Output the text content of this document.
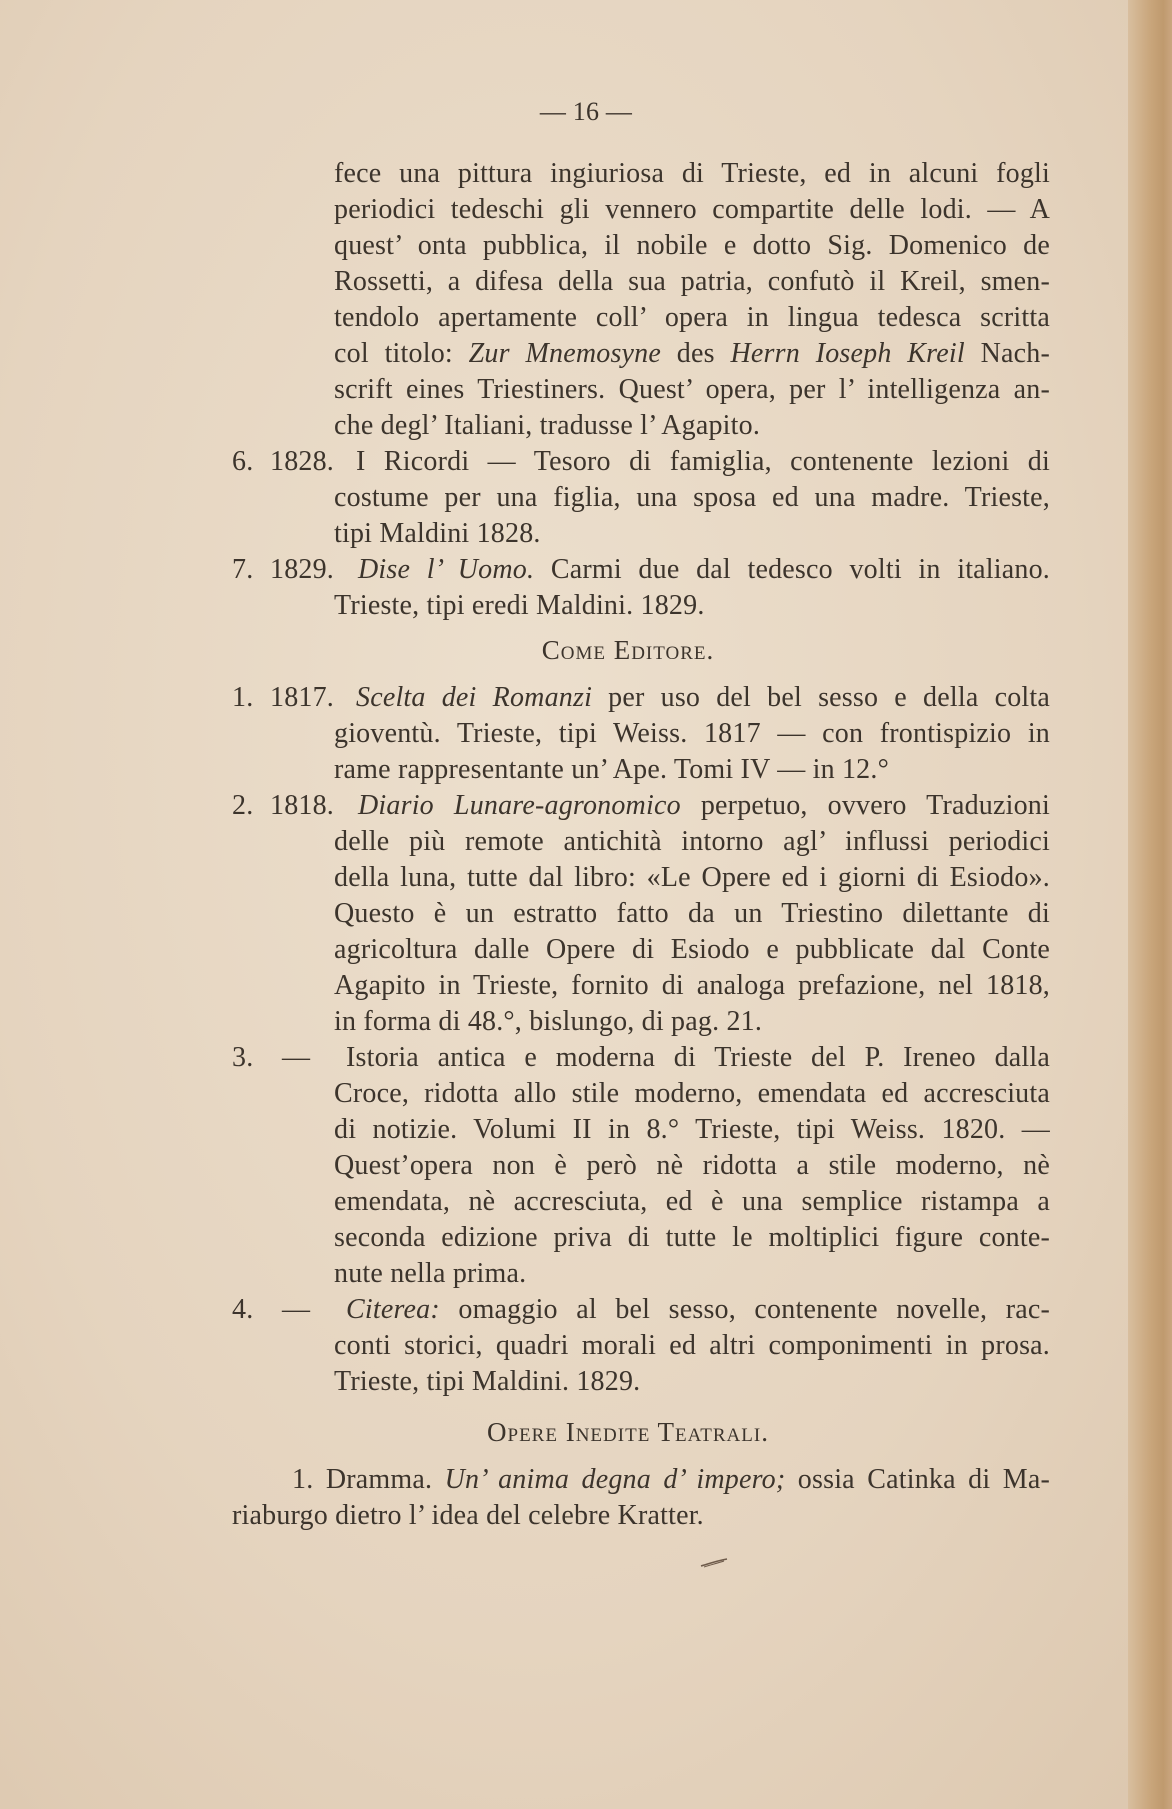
— 16 —
fece una pittura ingiuriosa di Trieste, ed in alcuni fogli
periodici tedeschi gli vennero compartite delle lodi. — A
quest’ onta pubblica, il nobile e dotto Sig. Domenico de
Rossetti, a difesa della sua patria, confutò il Kreil, smen-
tendolo apertamente coll’ opera in lingua tedesca scritta
col titolo: Zur Mnemosyne des Herrn Ioseph Kreil Nach-
scrift eines Triestiners. Quest’ opera, per l’ intelligenza an-
che degl’ Italiani, tradusse l’ Agapito.
6. 1828. I Ricordi — Tesoro di famiglia, contenente lezioni di
costume per una figlia, una sposa ed una madre. Trieste,
tipi Maldini 1828.
7. 1829. Dise l’ Uomo. Carmi due dal tedesco volti in italiano.
Trieste, tipi eredi Maldini. 1829.
Come Editore.
1. 1817. Scelta dei Romanzi per uso del bel sesso e della colta
gioventù. Trieste, tipi Weiss. 1817 — con frontispizio in
rame rappresentante un’ Ape. Tomi IV — in 12.°
2. 1818. Diario Lunare-agronomico perpetuo, ovvero Traduzioni
delle più remote antichità intorno agl’ influssi periodici
della luna, tutte dal libro: «Le Opere ed i giorni di Esiodo».
Questo è un estratto fatto da un Triestino dilettante di
agricoltura dalle Opere di Esiodo e pubblicate dal Conte
Agapito in Trieste, fornito di analoga prefazione, nel 1818,
in forma di 48.°, bislungo, di pag. 21.
3. — Istoria antica e moderna di Trieste del P. Ireneo dalla
Croce, ridotta allo stile moderno, emendata ed accresciuta
di notizie. Volumi II in 8.° Trieste, tipi Weiss. 1820. —
Quest’opera non è però nè ridotta a stile moderno, nè
emendata, nè accresciuta, ed è una semplice ristampa a
seconda edizione priva di tutte le moltiplici figure conte-
nute nella prima.
4. — Citerea: omaggio al bel sesso, contenente novelle, rac-
conti storici, quadri morali ed altri componimenti in prosa.
Trieste, tipi Maldini. 1829.
Opere Inedite Teatrali.
1. Dramma. Un’ anima degna d’ impero; ossia Catinka di Ma-
riaburgo dietro l’ idea del celebre Kratter.
